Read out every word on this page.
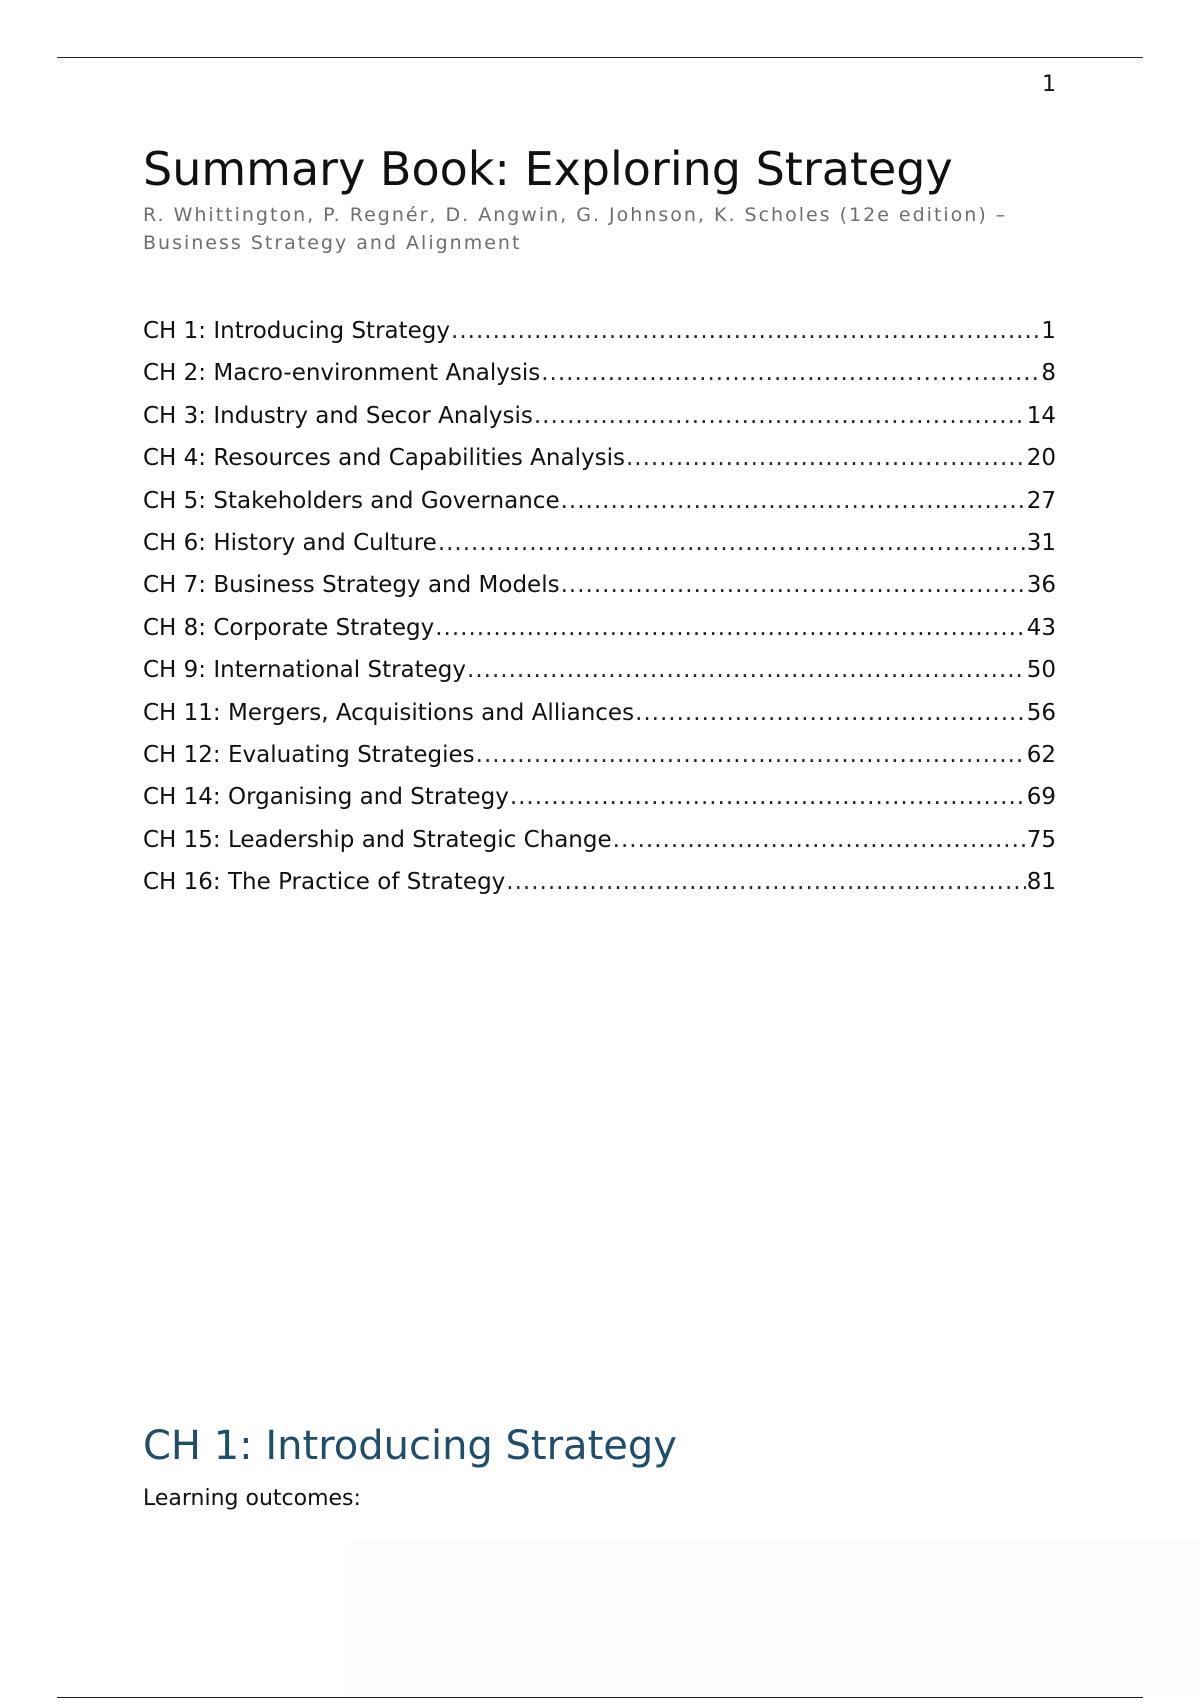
1
Summary Book: Exploring Strategy

R. Whittington, P. Regnér, D. Angwin, G. Johnson, K. Scholes (12e edition) – Business Strategy and Alignment

CH 1: Introducing Strategy .....	1
CH 2: Macro-environment Analysis .....	8
CH 3: Industry and Secor Analysis .....	14
CH 4: Resources and Capabilities Analysis .....	20
CH 5: Stakeholders and Governance .....	27
CH 6: History and Culture .....	31
CH 7: Business Strategy and Models .....	36
CH 8: Corporate Strategy .....	43
CH 9: International Strategy .....	50
CH 11: Mergers, Acquisitions and Alliances .....	56
CH 12: Evaluating Strategies .....	62
CH 14: Organising and Strategy .....	69
CH 15: Leadership and Strategic Change .....	75
CH 16: The Practice of Strategy .....	81
CH 1: Introducing Strategy

Learning outcomes:
